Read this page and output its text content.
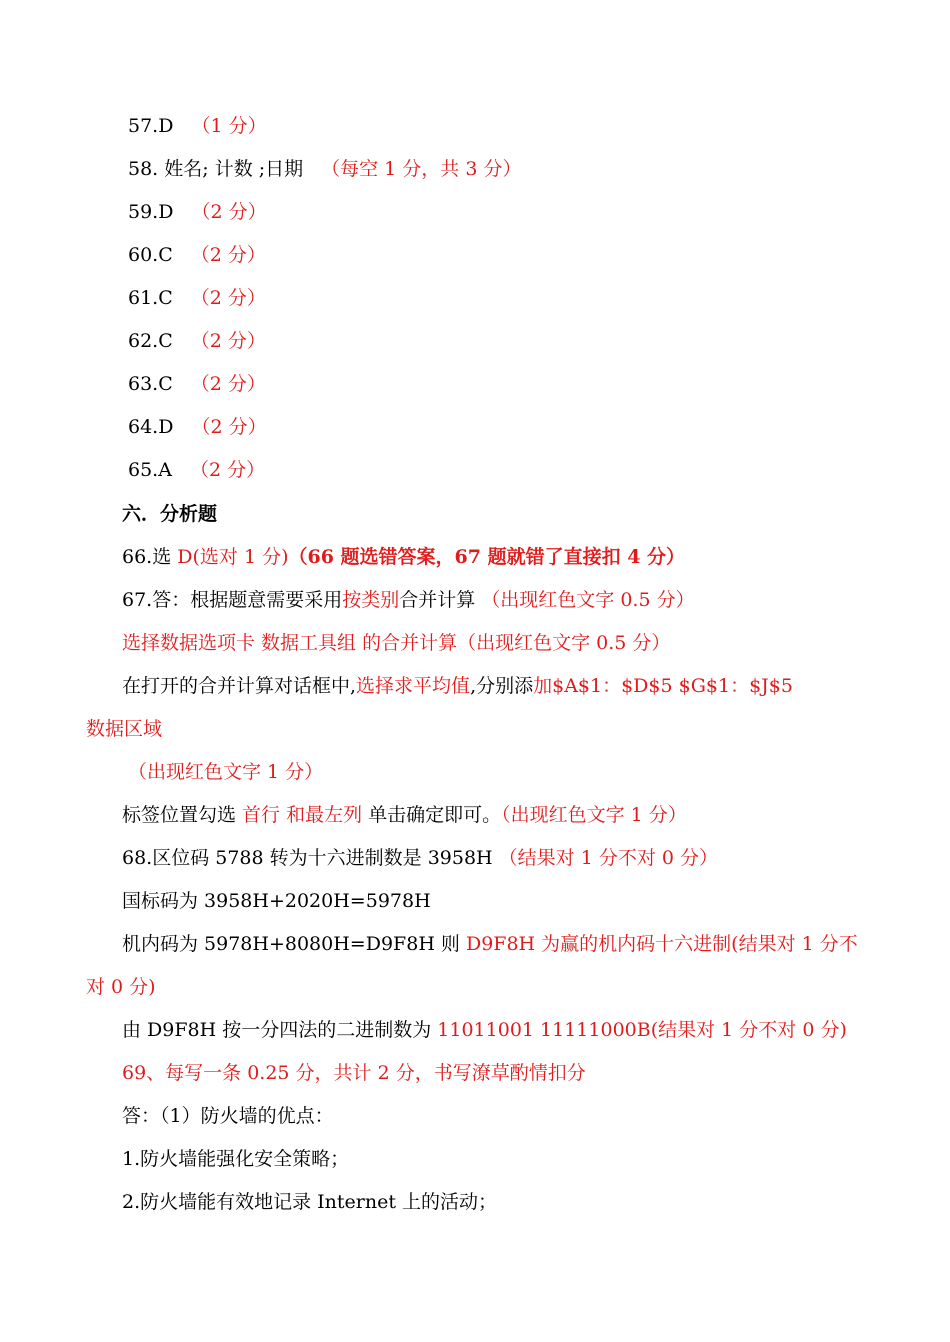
57.D （1 分）
58. 姓名; 计数 ;日期 （每空 1 分，共 3 分）
59.D （2 分）
60.C （2 分）
61.C （2 分）
62.C （2 分）
63.C （2 分）
64.D （2 分）
65.A （2 分）
六．分析题
66.选 D(选对 1 分)（66 题选错答案，67 题就错了直接扣 4 分）
67.答：根据题意需要采用按类别合并计算 （出现红色文字 0.5 分）
选择数据选项卡 数据工具组 的合并计算（出现红色文字 0.5 分）
在打开的合并计算对话框中,选择求平均值,分别添加$A$1：$D$5 $G$1：$J$5
数据区域
（出现红色文字 1 分）
标签位置勾选 首行 和最左列 单击确定即可。（出现红色文字 1 分）
68.区位码 5788 转为十六进制数是 3958H （结果对 1 分不对 0 分）
国标码为 3958H+2020H=5978H
机内码为 5978H+8080H=D9F8H 则 D9F8H 为赢的机内码十六进制(结果对 1 分不
对 0 分)
由 D9F8H 按一分四法的二进制数为 11011001 11111000B(结果对 1 分不对 0 分)
69、每写一条 0.25 分，共计 2 分，书写潦草酌情扣分
答：（1）防火墙的优点：
1.防火墙能强化安全策略；
2.防火墙能有效地记录 Internet 上的活动；
